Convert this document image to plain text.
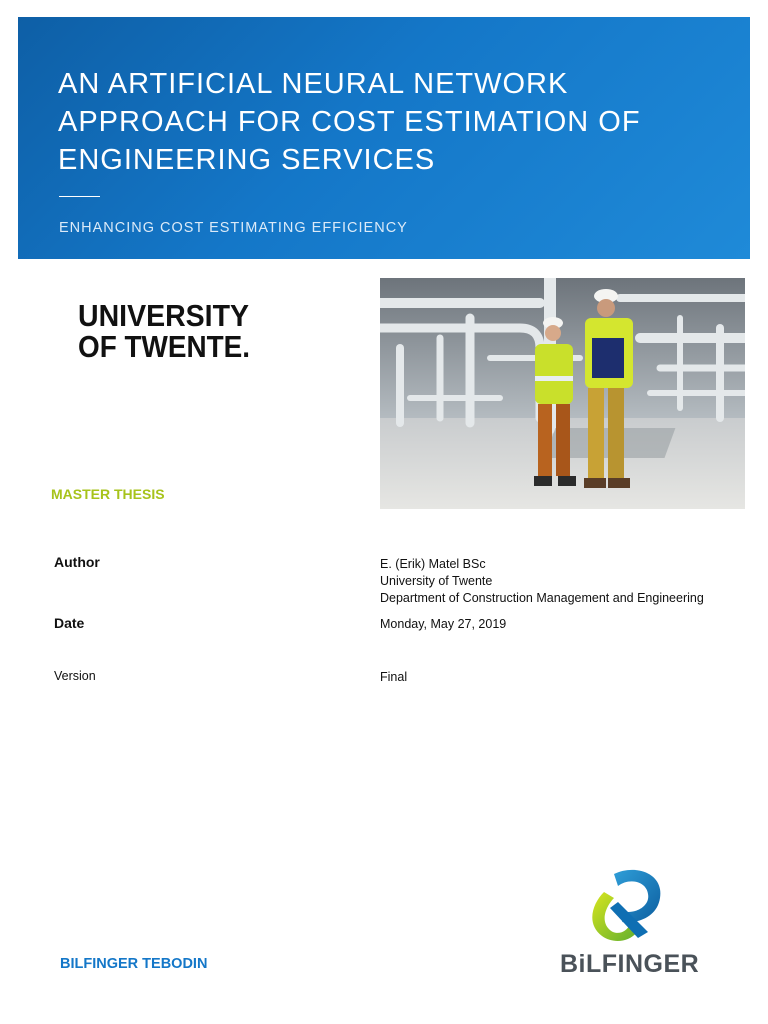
AN ARTIFICIAL NEURAL NETWORK
APPROACH FOR COST ESTIMATION OF
ENGINEERING SERVICES
ENHANCING COST ESTIMATING EFFICIENCY
UNIVERSITY
OF TWENTE.
MASTER THESIS
Author	E. (Erik) Matel BSc
University of Twente
Department of Construction Management and Engineering
Date	Monday, May 27, 2019
Version	Final
BILFINGER TEBODIN	BiLFINGER
